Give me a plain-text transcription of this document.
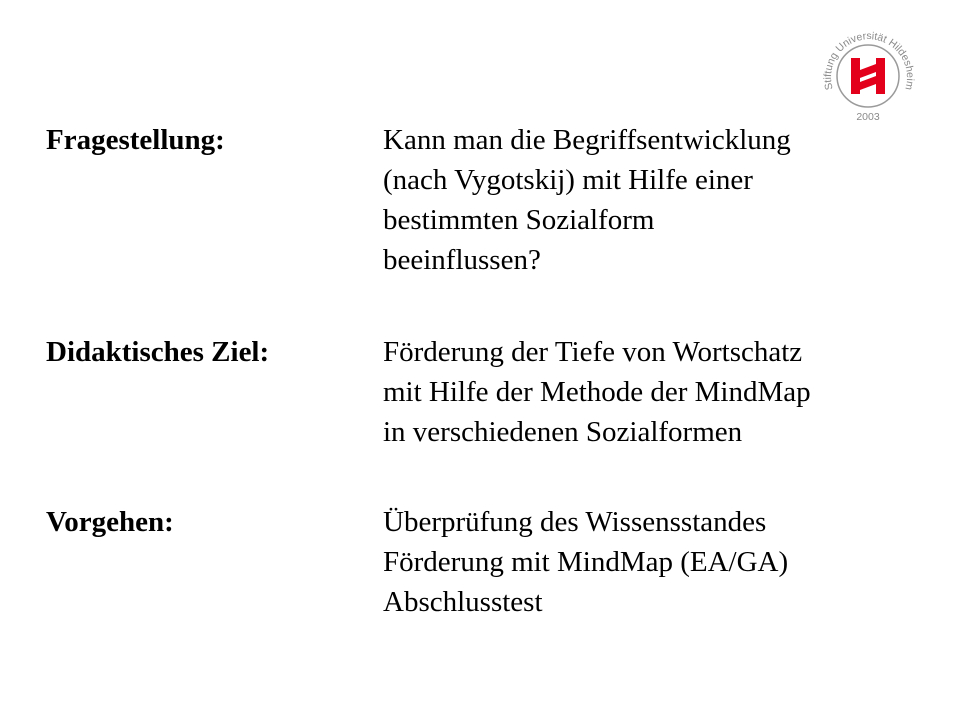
Stiftung Universität Hildesheim
2003
Fragestellung:	Kann man die Begriffsentwicklung
(nach Vygotskij) mit Hilfe einer
bestimmten Sozialform
beeinflussen?
Didaktisches Ziel:	Förderung der Tiefe von Wortschatz
mit Hilfe der Methode der MindMap
in verschiedenen Sozialformen
Vorgehen:	Überprüfung des Wissensstandes
Förderung mit MindMap (EA/GA)
Abschlusstest
